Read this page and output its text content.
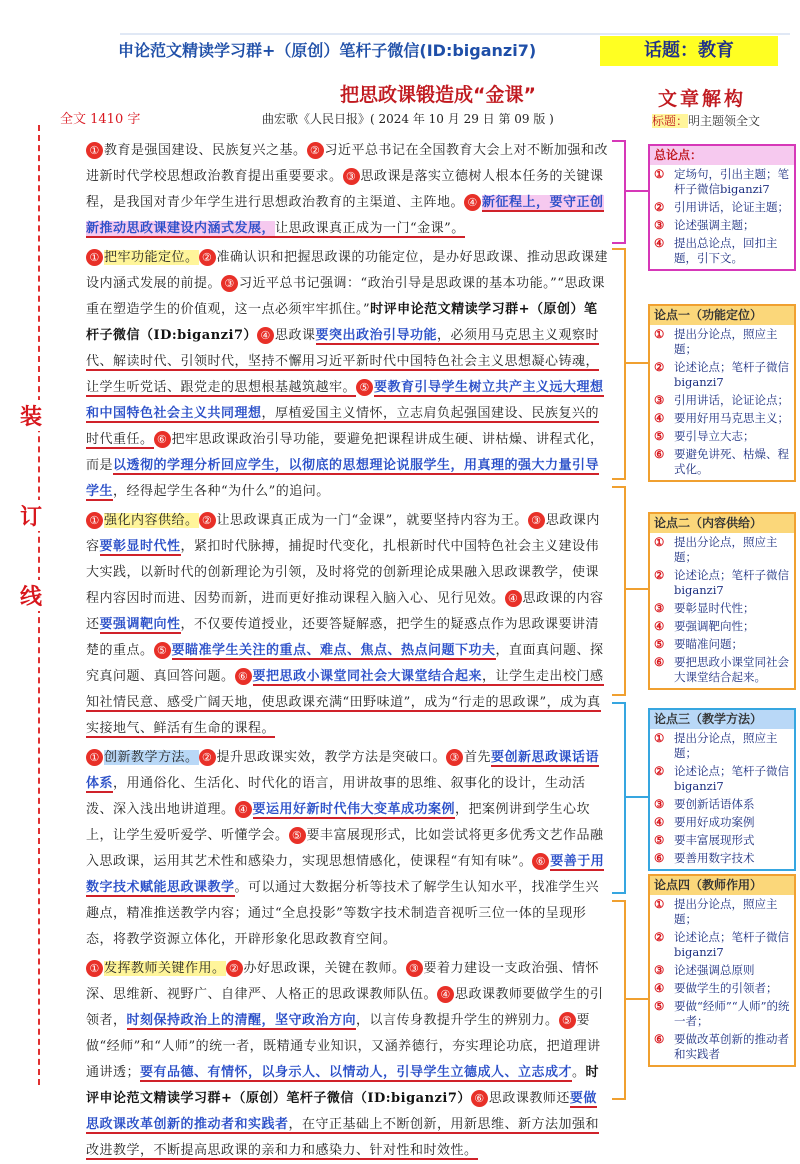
申论范文精读学习群+（原创）笔杆子微信(ID:biganzi7)	话题：教育
把思政课锻造成“金课”
全文 1410 字	曲宏歌《人民日报》( 2024 年 10 月 29 日 第 09 版 )
装
订
线

① 教育是强国建设、民族复兴之基。 ② 习近平总书记在全国教育大会上对不断加强和改进新时代学校思想政治教育提出重要要求。 ③ 思政课是落实立德树人根本任务的关键课程，是我国对青少年学生进行思想政治教育的主渠道、主阵地。 ④ 新征程上，要守正创新推动思政课建设内涵式发展，让思政课真正成为一门“金课”。

① 把牢功能定位。 ② 准确认识和把握思政课的功能定位，是办好思政课、推动思政课建设内涵式发展的前提。 ③ 习近平总书记强调：“政治引导是思政课的基本功能。”“思政课重在塑造学生的价值观，这一点必须牢牢抓住。”时评申论范文精读学习群+（原创）笔杆子微信（ID:biganzi7） ④ 思政课要突出政治引导功能，必须用马克思主义观察时代、解读时代、引领时代，坚持不懈用习近平新时代中国特色社会主义思想凝心铸魂，让学生听党话、跟党走的思想根基越筑越牢。 ⑤ 要教育引导学生树立共产主义远大理想和中国特色社会主义共同理想，厚植爱国主义情怀，立志肩负起强国建设、民族复兴的时代重任。 ⑥ 把牢思政课政治引导功能，要避免把课程讲成生硬、讲枯燥、讲程式化，而是以透彻的学理分析回应学生，以彻底的思想理论说服学生，用真理的强大力量引导学生，经得起学生各种“为什么”的追问。

① 强化内容供给。 ② 让思政课真正成为一门“金课”，就要坚持内容为王。 ③ 思政课内容要彰显时代性，紧扣时代脉搏，捕捉时代变化，扎根新时代中国特色社会主义建设伟大实践，以新时代的创新理论为引领，及时将党的创新理论成果融入思政课教学，使课程内容因时而进、因势而新，进而更好推动课程入脑入心、见行见效。 ④ 思政课的内容还要强调靶向性，不仅要传道授业，还要答疑解惑，把学生的疑惑点作为思政课要讲清楚的重点。 ⑤ 要瞄准学生关注的重点、难点、焦点、热点问题下功夫，直面真问题、探究真问题、真回答问题。 ⑥ 要把思政小课堂同社会大课堂结合起来，让学生走出校门感知社情民意、感受广阔天地，使思政课充满“田野味道”，成为“行走的思政课”，成为真实接地气、鲜活有生命的课程。

① 创新教学方法。 ② 提升思政课实效，教学方法是突破口。 ③ 首先要创新思政课话语体系，用通俗化、生活化、时代化的语言，用讲故事的思维、叙事化的设计，生动活泼、深入浅出地讲道理。 ④ 要运用好新时代伟大变革成功案例，把案例讲到学生心坎上，让学生爱听爱学、听懂学会。 ⑤ 要丰富展现形式，比如尝试将更多优秀文艺作品融入思政课，运用其艺术性和感染力，实现思想情感化，使课程“有知有味”。 ⑥ 要善于用数字技术赋能思政课教学。可以通过大数据分析等技术了解学生认知水平，找准学生兴趣点，精准推送教学内容；通过“全息投影”等数字技术制造音视听三位一体的呈现形态，将教学资源立体化，开辟形象化思政教育空间。

① 发挥教师关键作用。 ② 办好思政课，关键在教师。 ③ 要着力建设一支政治强、情怀深、思维新、视野广、自律严、人格正的思政课教师队伍。 ④ 思政课教师要做学生的引领者，时刻保持政治上的清醒，坚守政治方向，以言传身教提升学生的辨别力。 ⑤ 要做“经师”和“人师”的统一者，既精通专业知识，又涵养德行，夯实理论功底，把道理讲通讲透；要有品德、有情怀，以身示人、以情动人，引导学生立德成人、立志成才。时评申论范文精读学习群+（原创）笔杆子微信（ID:biganzi7） ⑥ 思政课教师还要做思政课改革创新的推动者和实践者，在守正基础上不断创新，用新思维、新方法加强和改进教学，不断提高思政课的亲和力和感染力、针对性和时效性。

文章解构
标题：明主题领全文
总论点：
① 定场句，引出主题；笔杆子微信biganzi7
② 引用讲话，论证主题；
③ 论述强调主题；
④ 提出总论点，回扣主题，引下文。
论点一（功能定位）
① 提出分论点，照应主题；
② 论述论点；笔杆子微信 biganzi7
③ 引用讲话，论证论点；
④ 要用好用马克思主义；
⑤ 要引导立大志；
⑥ 要避免讲死、枯燥、程式化。
论点二（内容供给）
① 提出分论点，照应主题；
② 论述论点；笔杆子微信 biganzi7
③ 要彰显时代性；
④ 要强调靶向性；
⑤ 要瞄准问题；
⑥ 要把思政小课堂同社会大课堂结合起来。
论点三（教学方法）
① 提出分论点，照应主题；
② 论述论点；笔杆子微信 biganzi7
③ 要创新话语体系
④ 要用好成功案例
⑤ 要丰富展现形式
⑥ 要善用数字技术
论点四（教师作用）
① 提出分论点，照应主题；
② 论述论点；笔杆子微信 biganzi7
③ 论述强调总原则
④ 要做学生的引领者；
⑤ 要做“经师”“人师”的统一者；
⑥ 要做改革创新的推动者和实践者
